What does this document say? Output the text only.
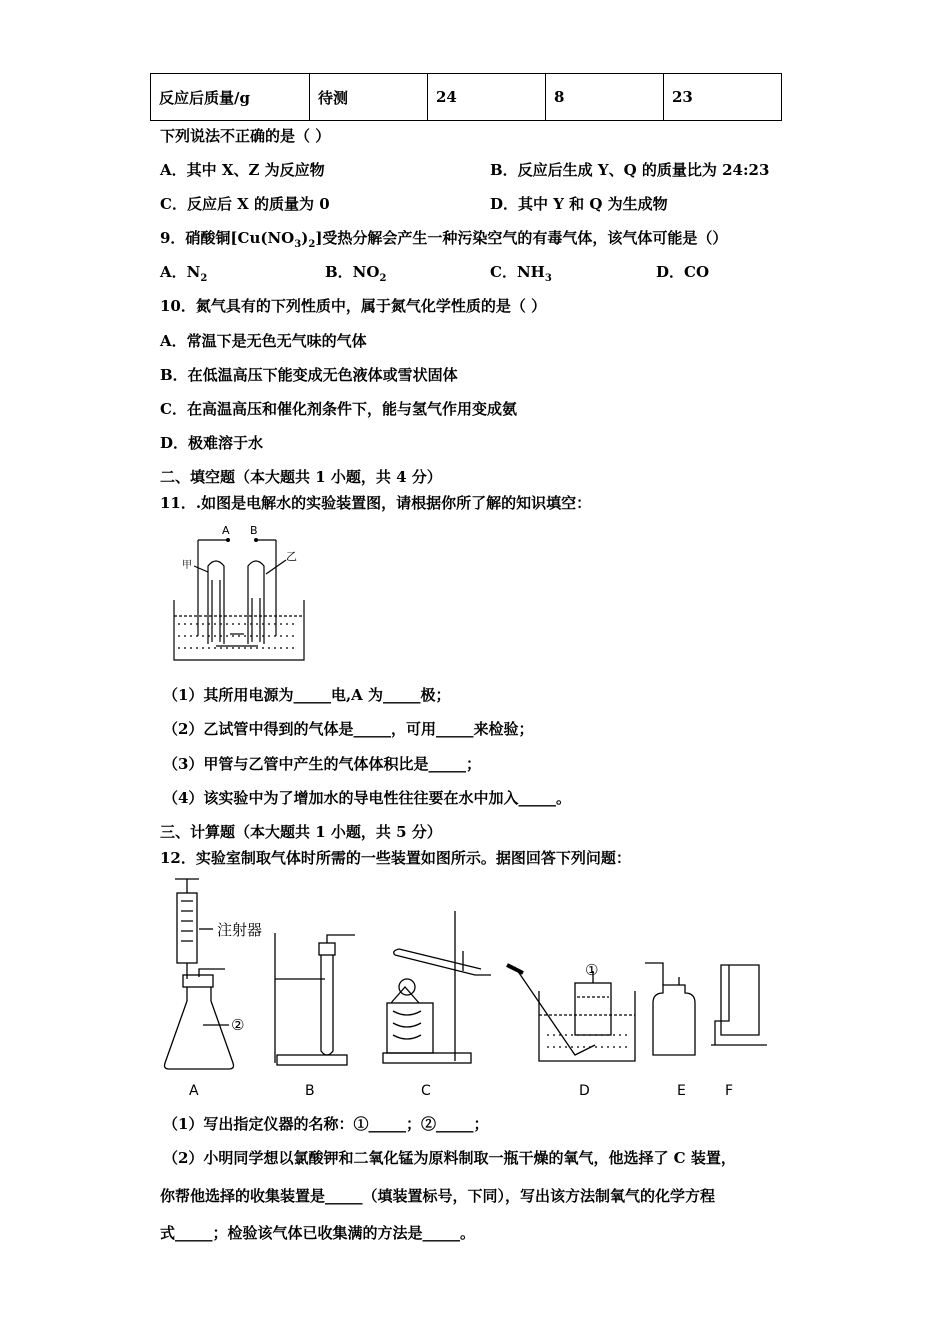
反应后质量/g	待测	24	8	23
下列说法不正确的是（ ）
A．其中 X、Z 为反应物	B．反应后生成 Y、Q 的质量比为 24:23
C．反应后 X 的质量为 0	D．其中 Y 和 Q 为生成物
9．硝酸铜$[Cu(NO_3)_2]$受热分解会产生一种污染空气的有毒气体，该气体可能是（）
A．$N_2$	B．$NO_2$	C．$NH_3$	D．CO
10．氮气具有的下列性质中，属于氮气化学性质的是（ ）
A．常温下是无色无气味的气体
B．在低温高压下能变成无色液体或雪状固体
C．在高温高压和催化剂条件下，能与氢气作用变成氨
D．极难溶于水
二、填空题（本大题共 1 小题，共 4 分）
11．.如图是电解水的实验装置图，请根据你所了解的知识填空：
A B
甲
乙
（1）其所用电源为_____电,A 为_____极；
（2）乙试管中得到的气体是_____，可用_____来检验；
（3）甲管与乙管中产生的气体体积比是_____；
（4）该实验中为了增加水的导电性往往要在水中加入_____。
三、计算题（本大题共 1 小题，共 5 分）
12．实验室制取气体时所需的一些装置如图所示。据图回答下列问题：
注射器
②
①
A	B	C	D	E	F
（1）写出指定仪器的名称：①_____；②_____；
（2）小明同学想以氯酸钾和二氧化锰为原料制取一瓶干燥的氧气，他选择了 C 装置，
你帮他选择的收集装置是_____（填装置标号，下同），写出该方法制氧气的化学方程
式_____；检验该气体已收集满的方法是_____。
